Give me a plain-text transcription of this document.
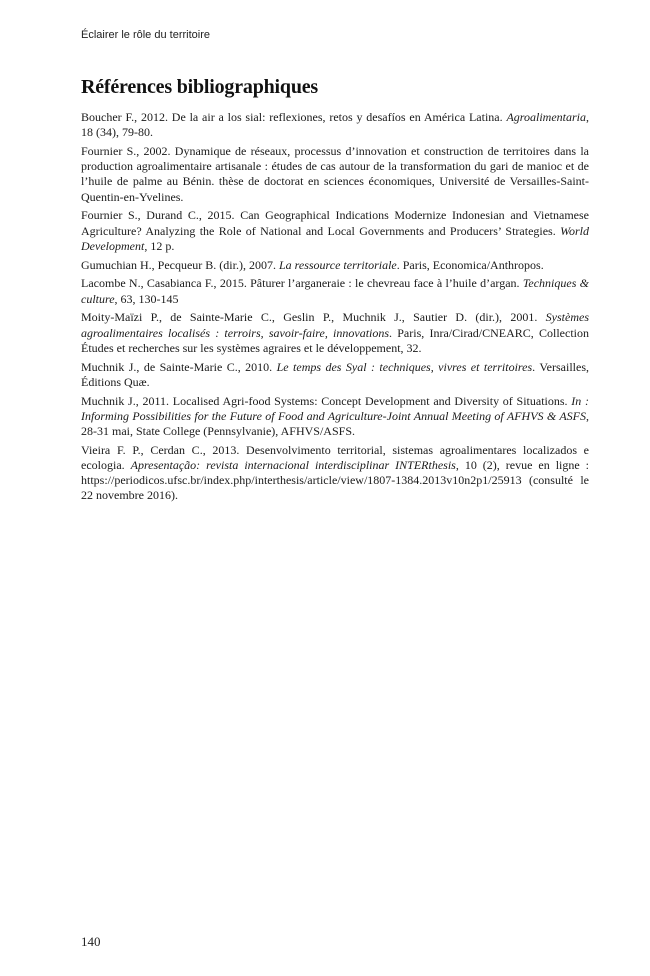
Éclairer le rôle du territoire
Références bibliographiques
Boucher F., 2012. De la air a los sial: reflexiones, retos y desafíos en América Latina. Agroalimentaria, 18 (34), 79-80.
Fournier S., 2002. Dynamique de réseaux, processus d’innovation et construction de territoires dans la production agroalimentaire artisanale : études de cas autour de la transformation du gari de manioc et de l’huile de palme au Bénin. thèse de doctorat en sciences économiques, Université de Versailles-Saint-Quentin-en-Yvelines.
Fournier S., Durand C., 2015. Can Geographical Indications Modernize Indonesian and Vietnamese Agriculture? Analyzing the Role of National and Local Governments and Producers’ Strategies. World Development, 12 p.
Gumuchian H., Pecqueur B. (dir.), 2007. La ressource territoriale. Paris, Economica/Anthropos.
Lacombe N., Casabianca F., 2015. Pâturer l’arganeraie : le chevreau face à l’huile d’argan. Techniques & culture, 63, 130-145
Moity-Maïzi P., de Sainte-Marie C., Geslin P., Muchnik J., Sautier D. (dir.), 2001. Systèmes agroalimentaires localisés : terroirs, savoir-faire, innovations. Paris, Inra/Cirad/CNEARC, Collection Études et recherches sur les systèmes agraires et le développement, 32.
Muchnik J., de Sainte-Marie C., 2010. Le temps des Syal : techniques, vivres et territoires. Versailles, Éditions Quæ.
Muchnik J., 2011. Localised Agri-food Systems: Concept Development and Diversity of Situations. In : Informing Possibilities for the Future of Food and Agriculture-Joint Annual Meeting of AFHVS & ASFS, 28-31 mai, State College (Pennsylvanie), AFHVS/ASFS.
Vieira F. P., Cerdan C., 2013. Desenvolvimento territorial, sistemas agroalimentares localizados e ecologia. Apresentação: revista internacional interdisciplinar INTERthesis, 10 (2), revue en ligne : https://periodicos.ufsc.br/index.php/interthesis/article/view/1807-1384.2013v10n2p1/25913 (consulté le 22 novembre 2016).
140
